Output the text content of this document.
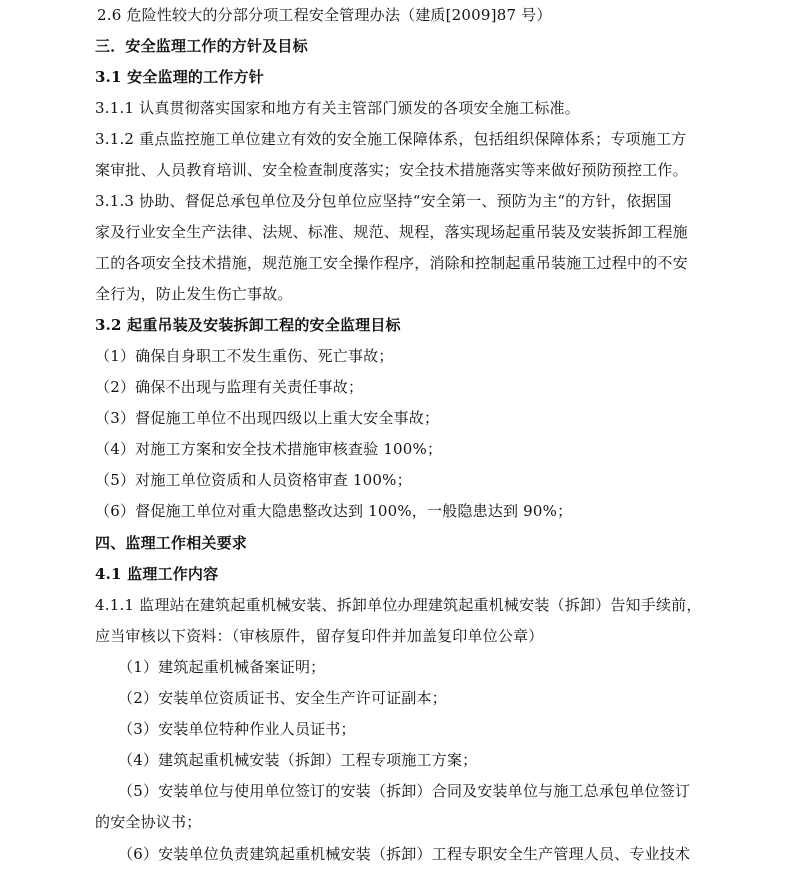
2.6 危险性较大的分部分项工程安全管理办法（建质[2009]87 号）

三．安全监理工作的方针及目标

3.1 安全监理的工作方针

3.1.1 认真贯彻落实国家和地方有关主管部门颁发的各项安全施工标准。

3.1.2 重点监控施工单位建立有效的安全施工保障体系，包括组织保障体系；专项施工方

案审批、人员教育培训、安全检查制度落实；安全技术措施落实等来做好预防预控工作。

3.1.3 协助、督促总承包单位及分包单位应坚持“安全第一、预防为主“的方针，依据国

家及行业安全生产法律、法规、标准、规范、规程，落实现场起重吊装及安装拆卸工程施

工的各项安全技术措施，规范施工安全操作程序，消除和控制起重吊装施工过程中的不安

全行为，防止发生伤亡事故。

3.2 起重吊装及安装拆卸工程的安全监理目标

（1）确保自身职工不发生重伤、死亡事故；

（2）确保不出现与监理有关责任事故；

（3）督促施工单位不出现四级以上重大安全事故；

（4）对施工方案和安全技术措施审核查验 100%；

（5）对施工单位资质和人员资格审查 100%；

（6）督促施工单位对重大隐患整改达到 100%，一般隐患达到 90%；

四、监理工作相关要求

4.1 监理工作内容

4.1.1 监理站在建筑起重机械安装、拆卸单位办理建筑起重机械安装（拆卸）告知手续前，

应当审核以下资料：（审核原件，留存复印件并加盖复印单位公章）

（1）建筑起重机械备案证明；

（2）安装单位资质证书、安全生产许可证副本；

（3）安装单位特种作业人员证书；

（4）建筑起重机械安装（拆卸）工程专项施工方案；

（5）安装单位与使用单位签订的安装（拆卸）合同及安装单位与施工总承包单位签订

的安全协议书；

（6）安装单位负责建筑起重机械安装（拆卸）工程专职安全生产管理人员、专业技术
